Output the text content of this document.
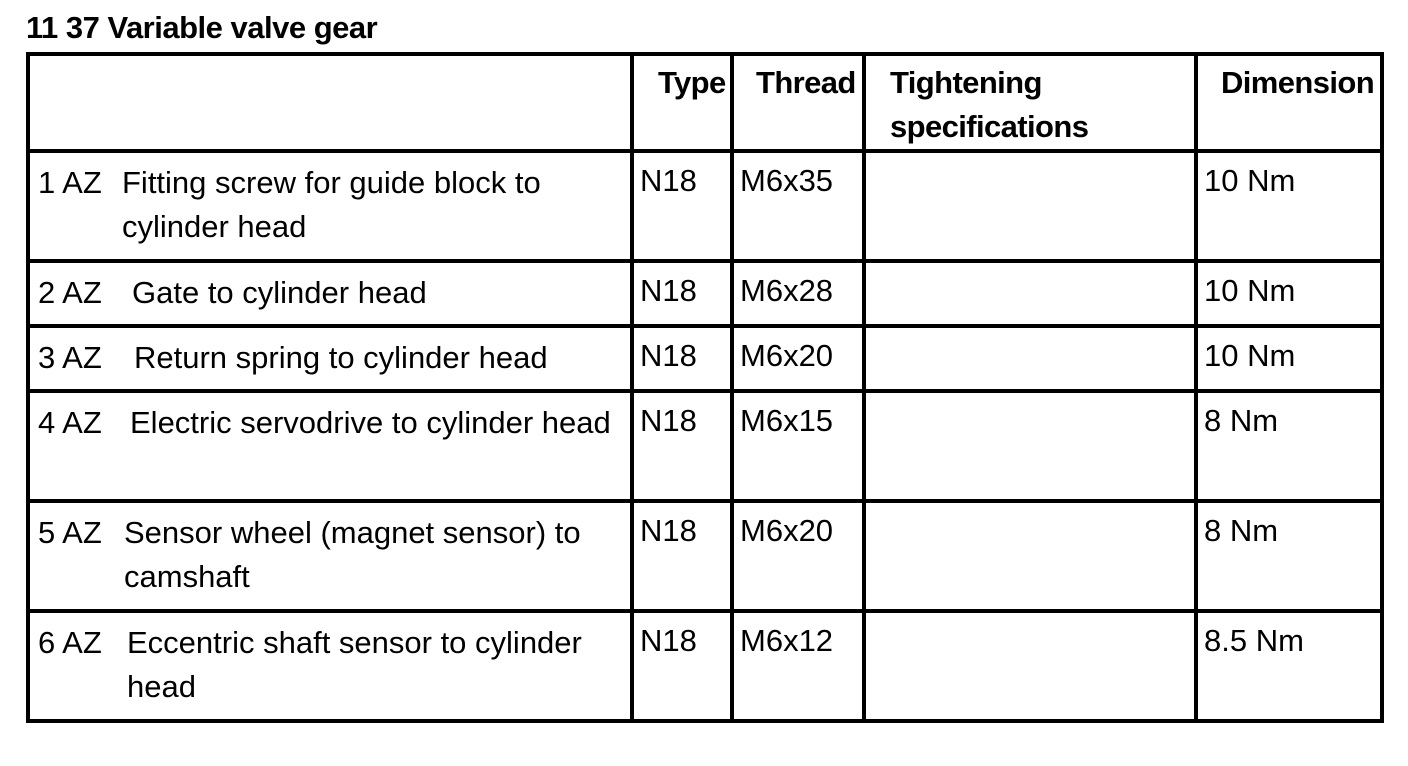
11 37 Variable valve gear
	Type	Thread	Tightening specifications	Dimension

1 AZ Fitting screw for guide block to cylinder head	N18	M6x35		10 Nm

2 AZ Gate to cylinder head	N18	M6x28		10 Nm

3 AZ Return spring to cylinder head	N18	M6x20		10 Nm

4 AZ Electric servodrive to cylinder head	N18	M6x15		8 Nm

5 AZ Sensor wheel (magnet sensor) to camshaft	N18	M6x20		8 Nm

6 AZ Eccentric shaft sensor to cylinder head	N18	M6x12		8.5 Nm
